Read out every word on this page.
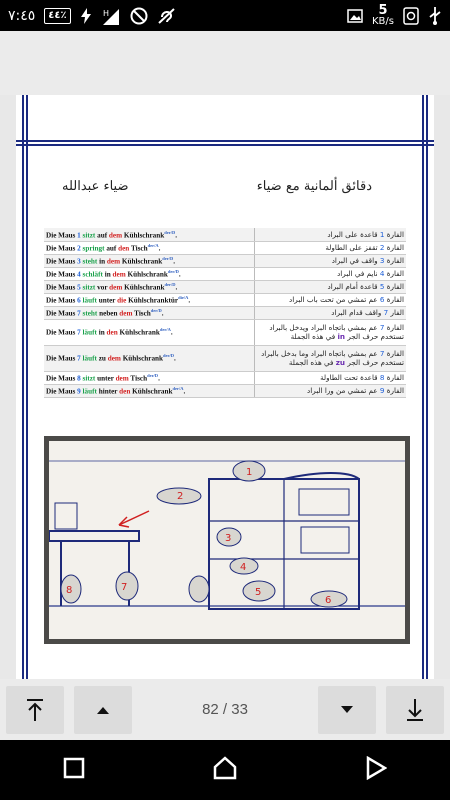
٧:٤٥	٤٤٪	H	5
KB/s
ضياء عبدالله	دقائق ألمانية مع ضياء
Die Maus 1 sitzt auf dem Kühlschrank$^{der/D}$.	الفارة 1 قاعدة على البراد
Die Maus 2 springt auf den Tisch$^{der/A}$.	الفارة 2 تقفز على الطاولة
Die Maus 3 steht in dem Kühlschrank$^{der/D}$.	الفارة 3 واقف في البراد
Die Maus 4 schläft in dem Kühlschrank$^{der/D}$.	الفارة 4 نايم في البراد
Die Maus 5 sitzt vor dem Kühlschrank$^{der/D}$.	الفارة 5 قاعدة أمام البراد
Die Maus 6 läuft unter die Kühlschranktür$^{die/A}$.	الفارة 6 عم تمشي من تحت باب البراد
Die Maus 7 steht neben dem Tisch$^{der/D}$.	الفار 7 واقف قدام البراد
Die Maus 7 läuft in den Kühlschrank$^{der/A}$.	الفارة 7 عم بمشي باتجاه البراد ويدخل بالبراد
تستخدم حرف الجر in في هذه الجملة
Die Maus 7 läuft zu dem Kühlschrank$^{der/D}$.	الفارة 7 عم بمشي باتجاه البراد وما بدخل بالبراد
تستخدم حرف الجر zu في هذه الجملة
Die Maus 8 sitzt unter dem Tisch$^{der/D}$.	الفارة 8 قاعدة تحت الطاولة
Die Maus 9 läuft hinter den Kühlschrank$^{der/A}$.	الفارة 9 عم تمشي من ورا البراد
1
2
3
4
5
6
7
8
82 / 33
